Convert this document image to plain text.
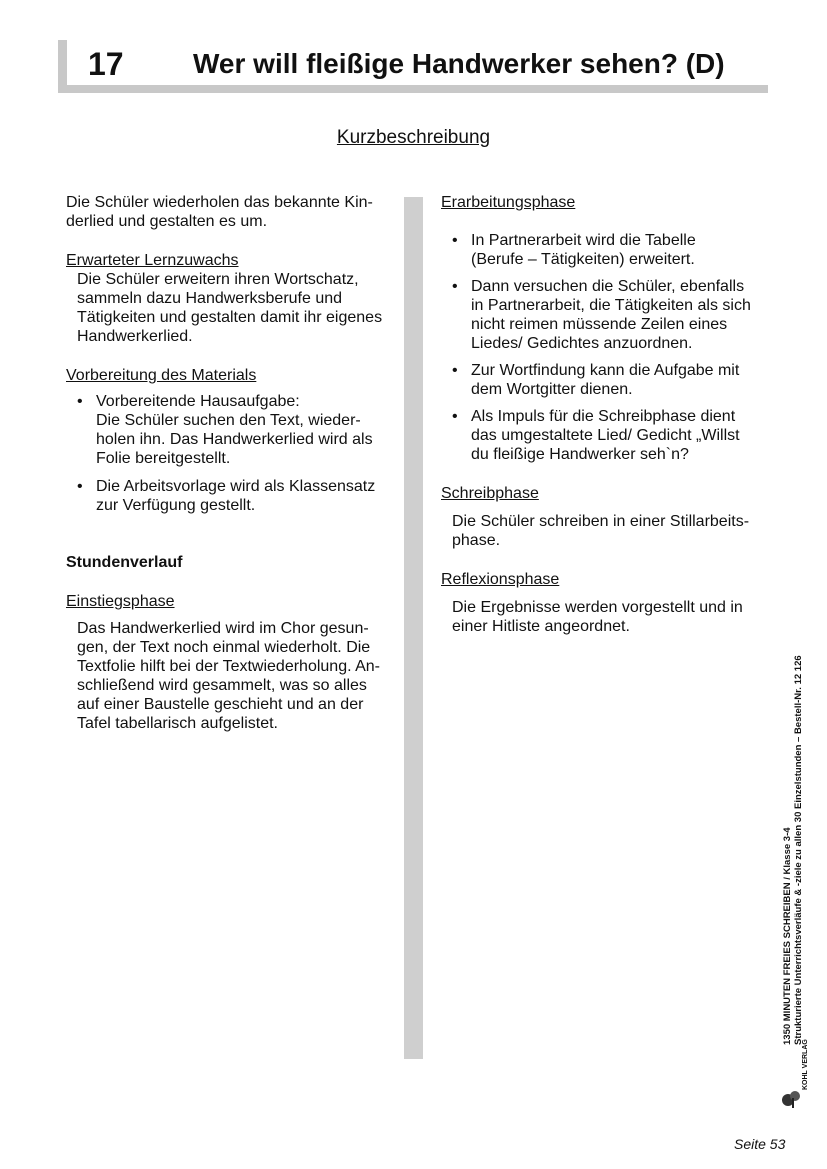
17 Wer will fleißige Handwerker sehen? (D)
Kurzbeschreibung

Die Schüler wiederholen das bekannte Kin-

derlied und gestalten es um.

Erwarteter Lernzuwachs

Die Schüler erweitern ihren Wortschatz,

sammeln dazu Handwerksberufe und

Tätigkeiten und gestalten damit ihr eigenes

Handwerkerlied.

Vorbereitung des Materials

• Vorbereitende Hausaufgabe:
Die Schüler suchen den Text, wieder-
holen ihn. Das Handwerkerlied wird als
Folie bereitgestellt.
• Die Arbeitsvorlage wird als Klassensatz
zur Verfügung gestellt.

Stundenverlauf

Einstiegsphase

Das Handwerkerlied wird im Chor gesun-

gen, der Text noch einmal wiederholt. Die

Textfolie hilft bei der Textwiederholung. An-

schließend wird gesammelt, was so alles

auf einer Baustelle geschieht und an der

Tafel tabellarisch aufgelistet.

Erarbeitungsphase

• In Partnerarbeit wird die Tabelle
(Berufe – Tätigkeiten) erweitert.
• Dann versuchen die Schüler, ebenfalls
in Partnerarbeit, die Tätigkeiten als sich
nicht reimen müssende Zeilen eines
Liedes/ Gedichtes anzuordnen.
• Zur Wortfindung kann die Aufgabe mit
dem Wortgitter dienen.
• Als Impuls für die Schreibphase dient
das umgestaltete Lied/ Gedicht „Willst
du fleißige Handwerker seh`n?

Schreibphase

Die Schüler schreiben in einer Stillarbeits-

phase.

Reflexionsphase

Die Ergebnisse werden vorgestellt und in

einer Hitliste angeordnet.

1350 MINUTEN FREIES SCHREIBEN / Klasse 3-4 Strukturierte Unterrichtsverläufe & -ziele zu allen 30 Einzelstunden – Bestell-Nr. 12 126
KOHL VERLAG
Seite 53
